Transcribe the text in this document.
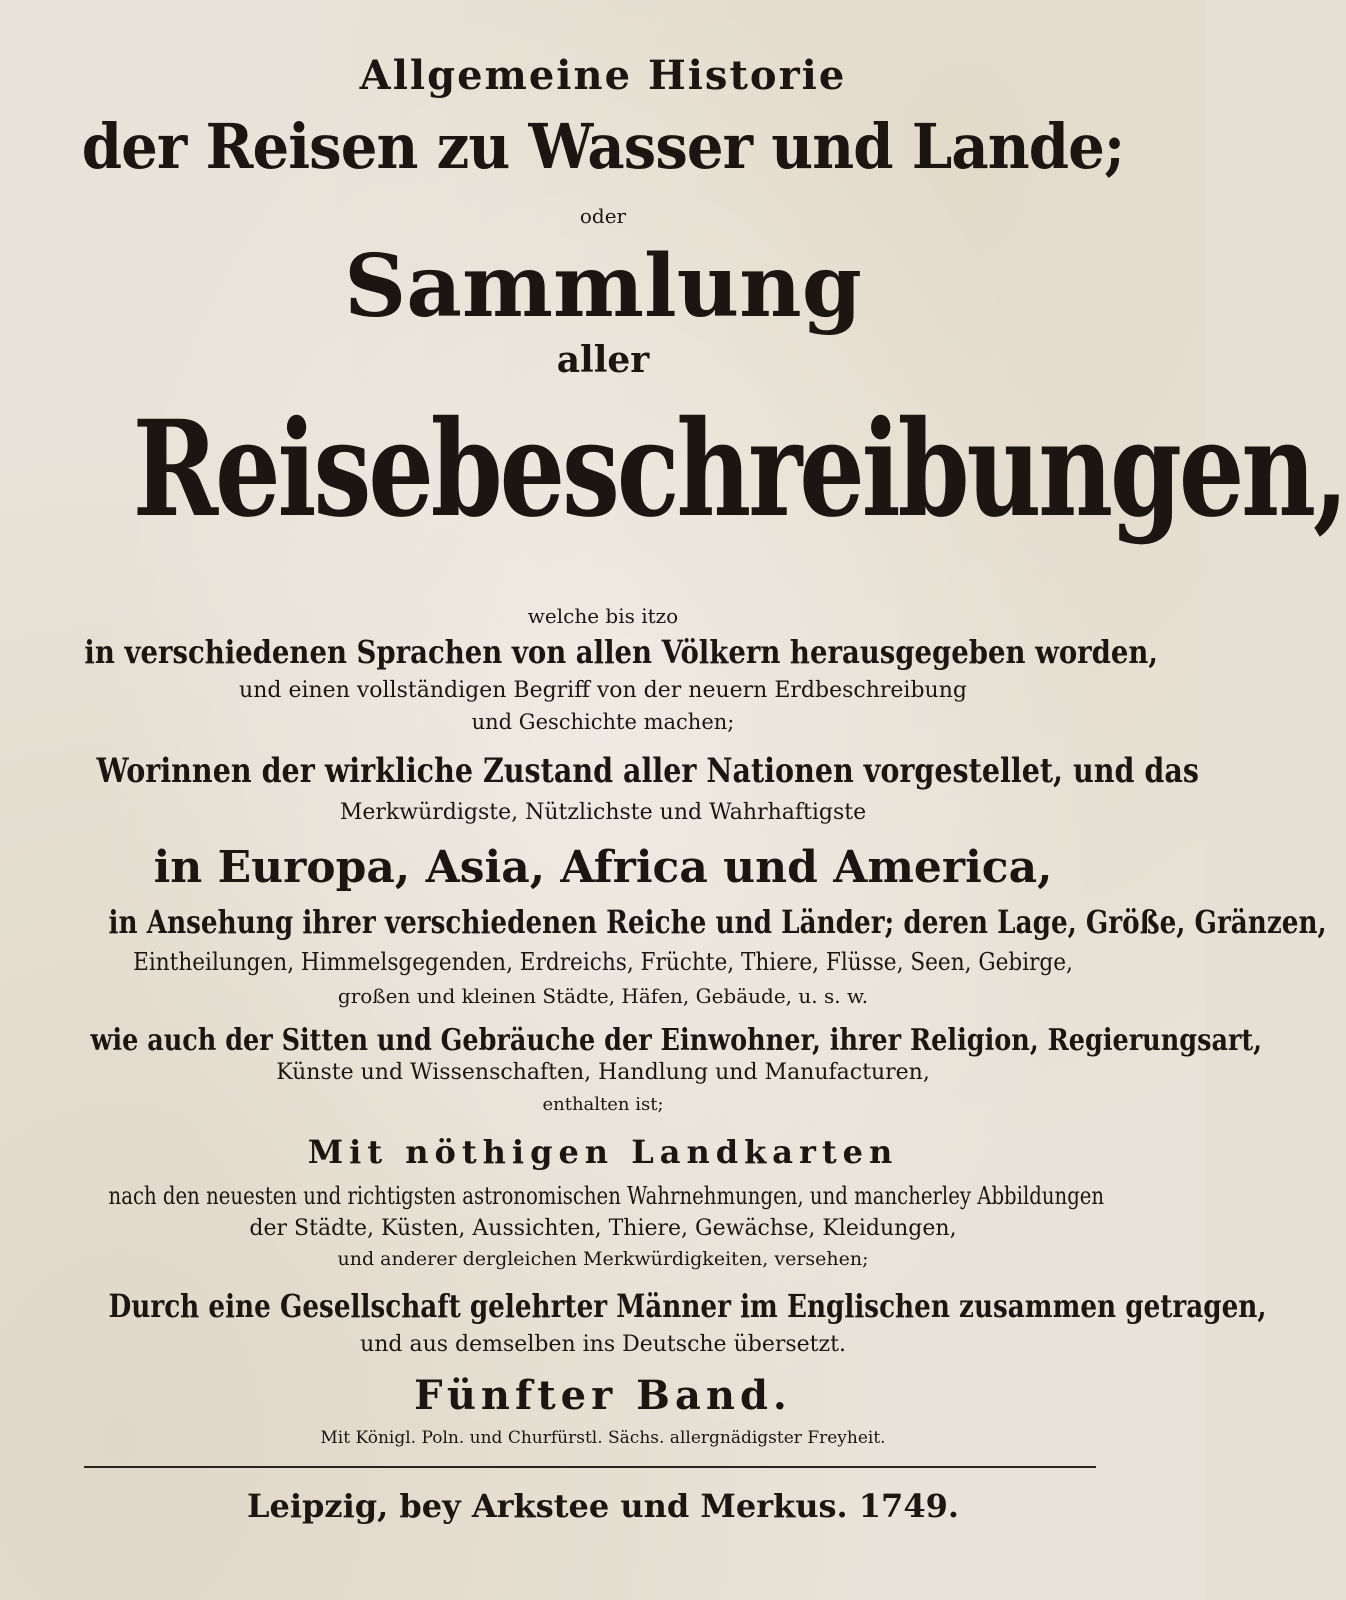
Allgemeine Historie
der Reisen zu Wasser und Lande;
oder
Sammlung
aller
Reisebeschreibungen,
welche bis itzo
in verschiedenen Sprachen von allen Völkern herausgegeben worden,
und einen vollständigen Begriff von der neuern Erdbeschreibung
und Geschichte machen;
Worinnen der wirkliche Zustand aller Nationen vorgestellet, und das
Merkwürdigste, Nützlichste und Wahrhaftigste
in Europa, Asia, Africa und America,
in Ansehung ihrer verschiedenen Reiche und Länder; deren Lage, Größe, Gränzen,
Eintheilungen, Himmelsgegenden, Erdreichs, Früchte, Thiere, Flüsse, Seen, Gebirge,
großen und kleinen Städte, Häfen, Gebäude, u. s. w.
wie auch der Sitten und Gebräuche der Einwohner, ihrer Religion, Regierungsart,
Künste und Wissenschaften, Handlung und Manufacturen,
enthalten ist;
Mit nöthigen Landkarten
nach den neuesten und richtigsten astronomischen Wahrnehmungen, und mancherley Abbildungen
der Städte, Küsten, Aussichten, Thiere, Gewächse, Kleidungen,
und anderer dergleichen Merkwürdigkeiten, versehen;
Durch eine Gesellschaft gelehrter Männer im Englischen zusammen getragen,
und aus demselben ins Deutsche übersetzt.
Fünfter Band.
Mit Königl. Poln. und Churfürstl. Sächs. allergnädigster Freyheit.
Leipzig, bey Arkstee und Merkus. 1749.
